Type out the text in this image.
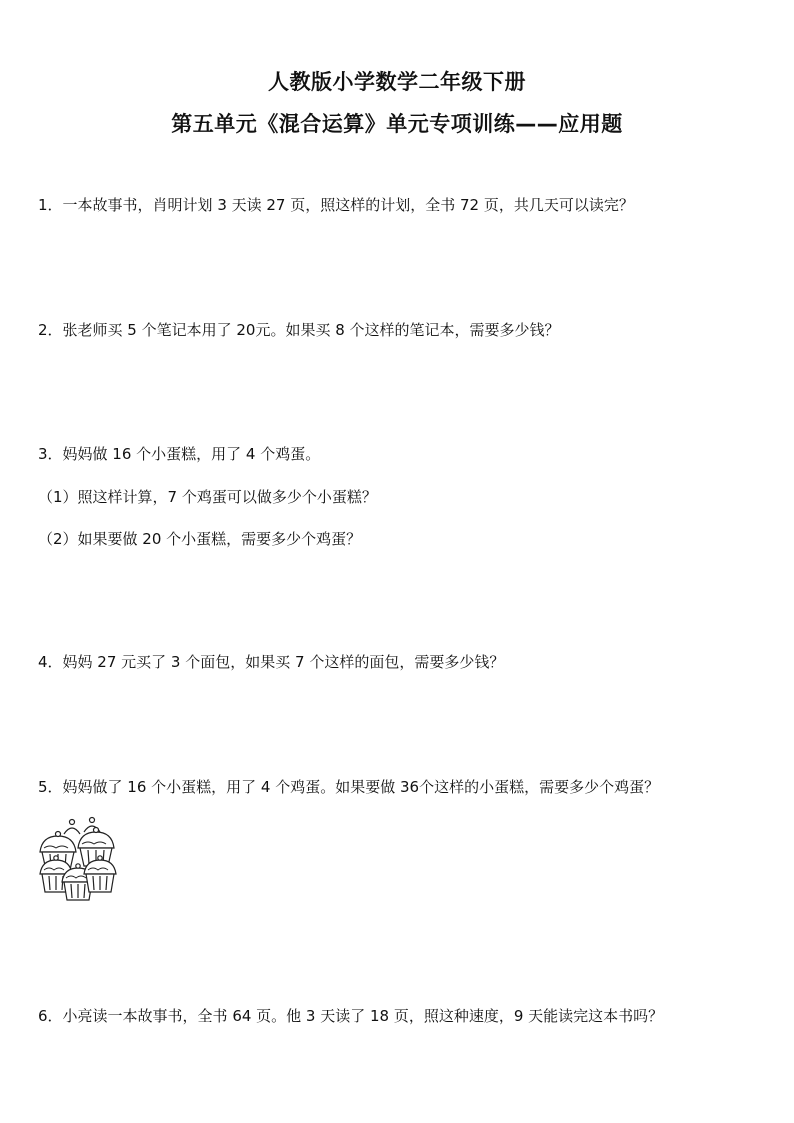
人教版小学数学二年级下册
第五单元《混合运算》单元专项训练——应用题
1．一本故事书，肖明计划 3 天读 27 页，照这样的计划，全书 72 页，共几天可以读完？
2．张老师买 5 个笔记本用了 20元。如果买 8 个这样的笔记本，需要多少钱？
3．妈妈做 16 个小蛋糕，用了 4 个鸡蛋。
（1）照这样计算，7 个鸡蛋可以做多少个小蛋糕？
（2）如果要做 20 个小蛋糕，需要多少个鸡蛋？
4．妈妈 27 元买了 3 个面包，如果买 7 个这样的面包，需要多少钱？
5．妈妈做了 16 个小蛋糕，用了 4 个鸡蛋。如果要做 36个这样的小蛋糕，需要多少个鸡蛋？
6．小亮读一本故事书，全书 64 页。他 3 天读了 18 页，照这种速度，9 天能读完这本书吗？
